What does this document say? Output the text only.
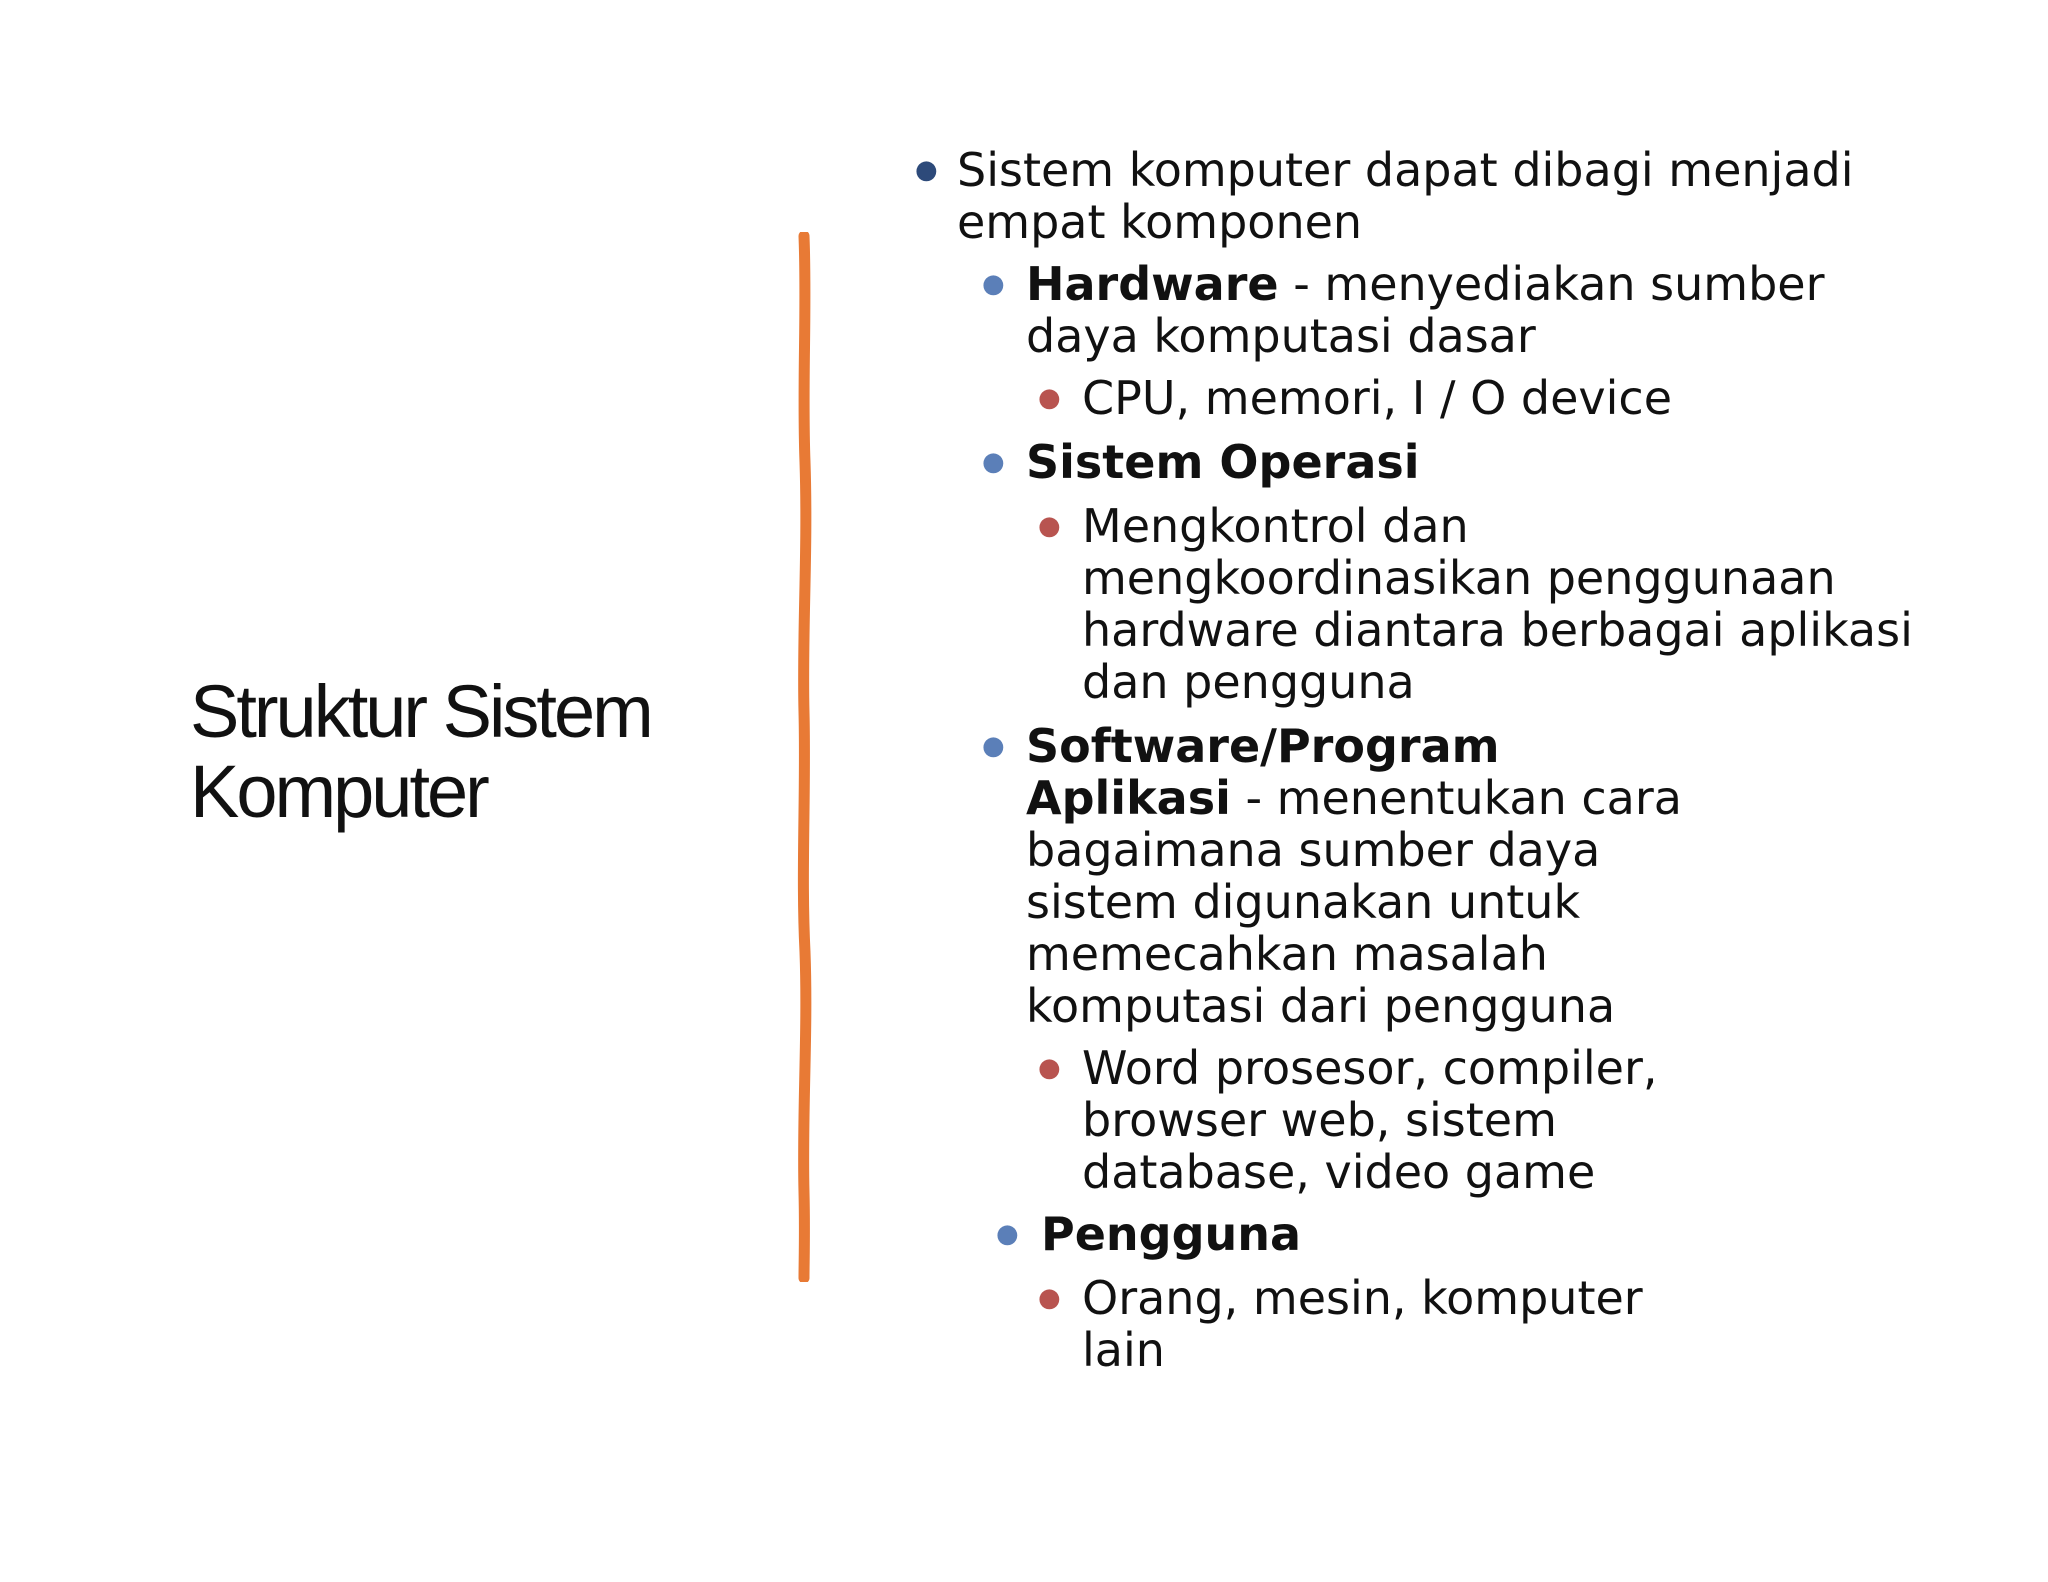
Struktur Sistem Komputer
● Sistem komputer dapat dibagi menjadi
empat komponen
● Hardware - menyediakan sumber
daya komputasi dasar
● CPU, memori, I / O device
● Sistem Operasi
● Mengkontrol dan
mengkoordinasikan penggunaan
hardware diantara berbagai aplikasi
dan pengguna
● Software/Program
Aplikasi - menentukan cara
bagaimana sumber daya
sistem digunakan untuk
memecahkan masalah
komputasi dari pengguna
● Word prosesor, compiler,
browser web, sistem
database, video game
● Pengguna
● Orang, mesin, komputer
lain
